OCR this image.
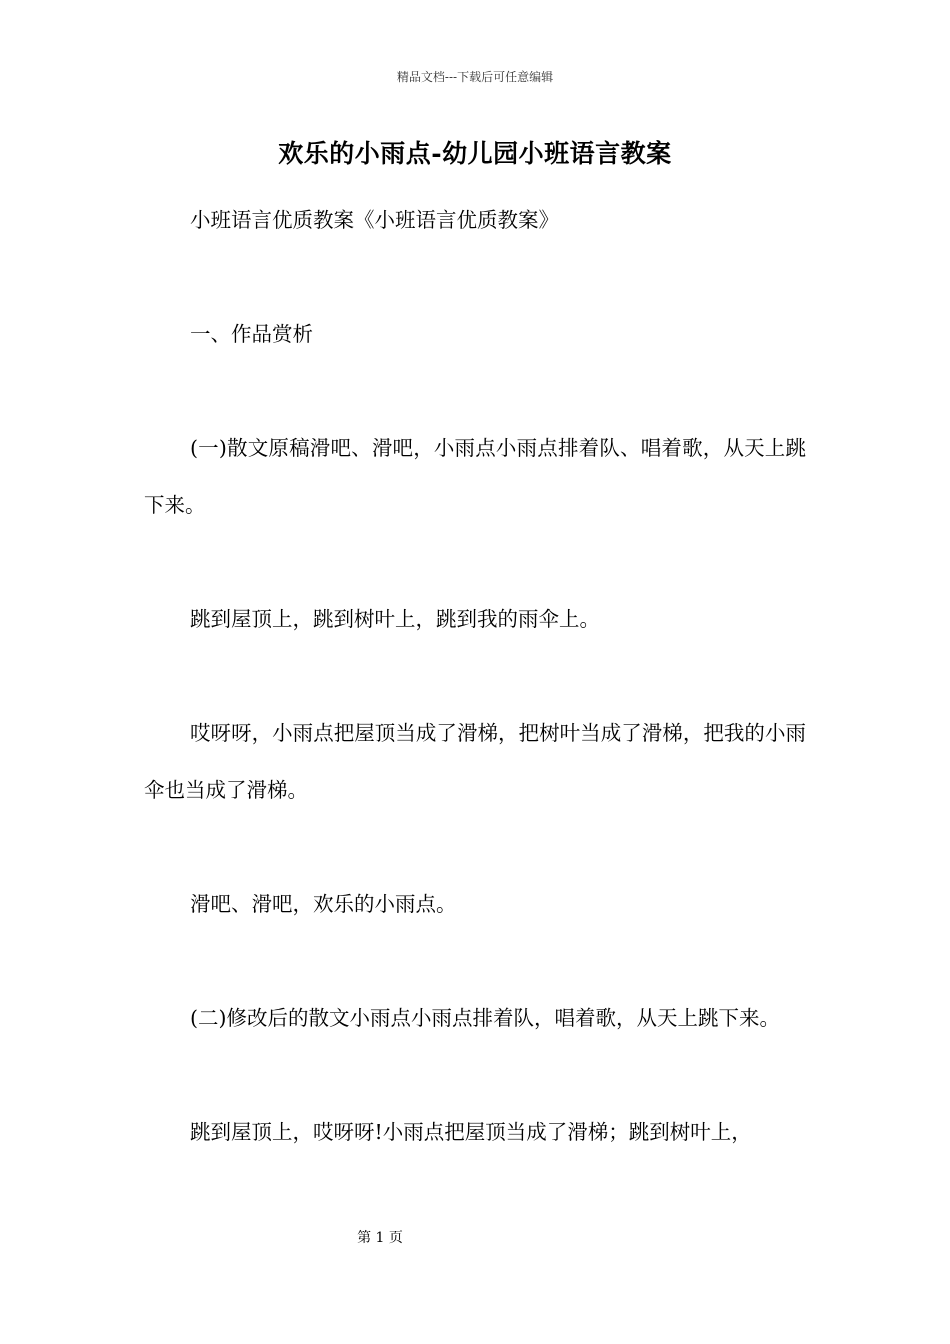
精品文档---下载后可任意编辑
欢乐的小雨点-幼儿园小班语言教案

小班语言优质教案《小班语言优质教案》

一、作品赏析

(一)散文原稿滑吧、滑吧，小雨点小雨点排着队、唱着歌，从天上跳下来。

跳到屋顶上，跳到树叶上，跳到我的雨伞上。

哎呀呀，小雨点把屋顶当成了滑梯，把树叶当成了滑梯，把我的小雨伞也当成了滑梯。

滑吧、滑吧，欢乐的小雨点。

(二)修改后的散文小雨点小雨点排着队，唱着歌，从天上跳下来。

跳到屋顶上，哎呀呀!小雨点把屋顶当成了滑梯；跳到树叶上，

第 1 页
